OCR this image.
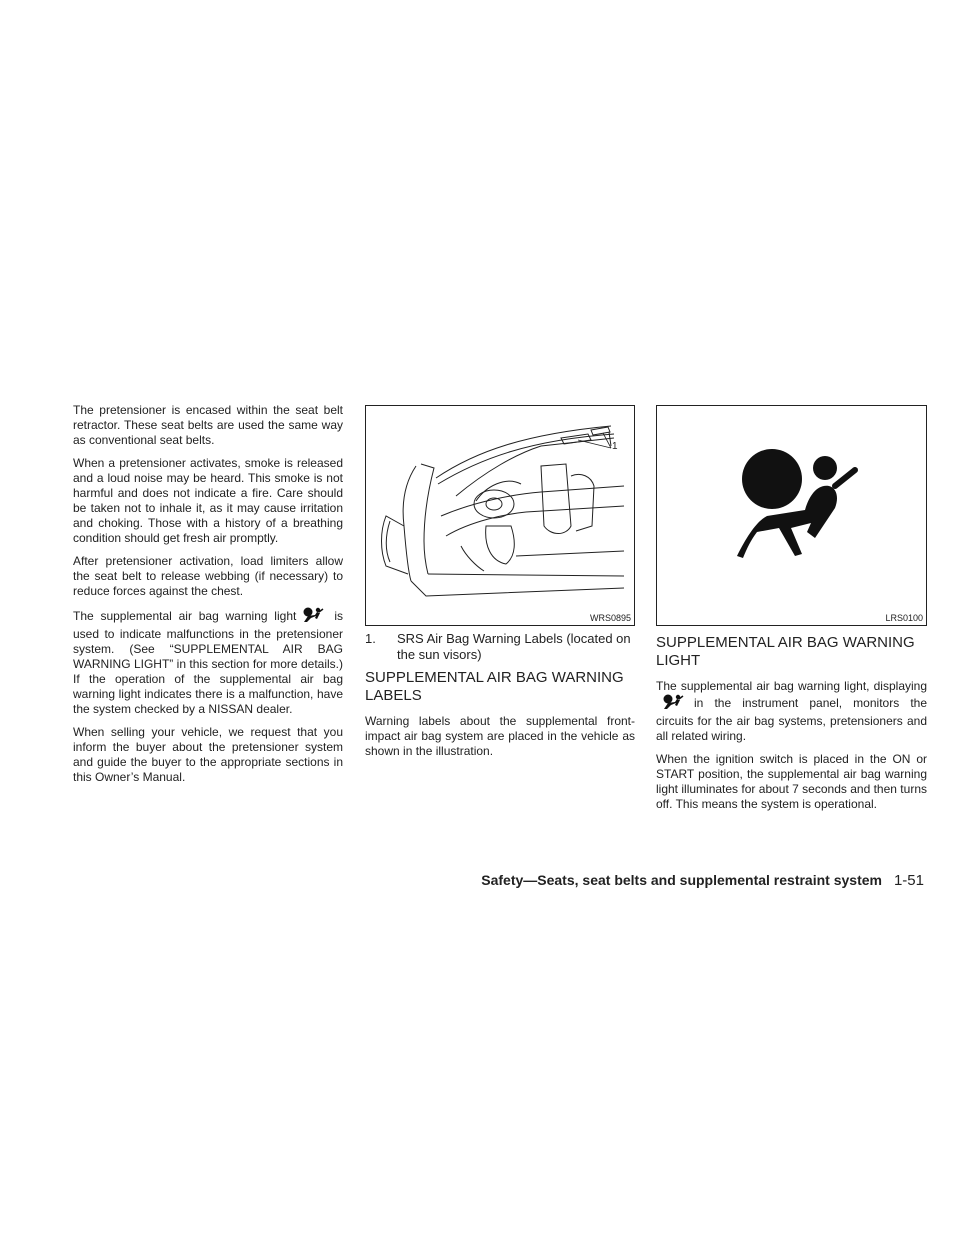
The pretensioner is encased within the seat belt retractor. These seat belts are used the same way as conventional seat belts.

When a pretensioner activates, smoke is released and a loud noise may be heard. This smoke is not harmful and does not indicate a fire. Care should be taken not to inhale it, as it may cause irritation and choking. Those with a history of a breathing condition should get fresh air promptly.

After pretensioner activation, load limiters allow the seat belt to release webbing (if necessary) to reduce forces against the chest.

The supplemental air bag warning light	is used to indicate malfunctions in the pretensioner system. (See “SUPPLEMENTAL AIR BAG WARNING LIGHT” in this section for more details.) If the operation of the supplemental air bag warning light indicates there is a malfunction, have the system checked by a NISSAN dealer.

When selling your vehicle, we request that you inform the buyer about the pretensioner system and guide the buyer to the appropriate sections in this Owner’s Manual.

1
WRS0895
1.	SRS Air Bag Warning Labels (located on the sun visors)
SUPPLEMENTAL AIR BAG WARNING LABELS

Warning labels about the supplemental front-impact air bag system are placed in the vehicle as shown in the illustration.

LRS0100
SUPPLEMENTAL AIR BAG WARNING LIGHT

The supplemental air bag warning light, displayingin the instrument panel, monitors the circuits for the air bag systems, pretensioners and all related wiring.

When the ignition switch is placed in the ON or START position, the supplemental air bag warning light illuminates for about 7 seconds and then turns off. This means the system is operational.

Safety—Seats, seat belts and supplemental restraint system 1-51
